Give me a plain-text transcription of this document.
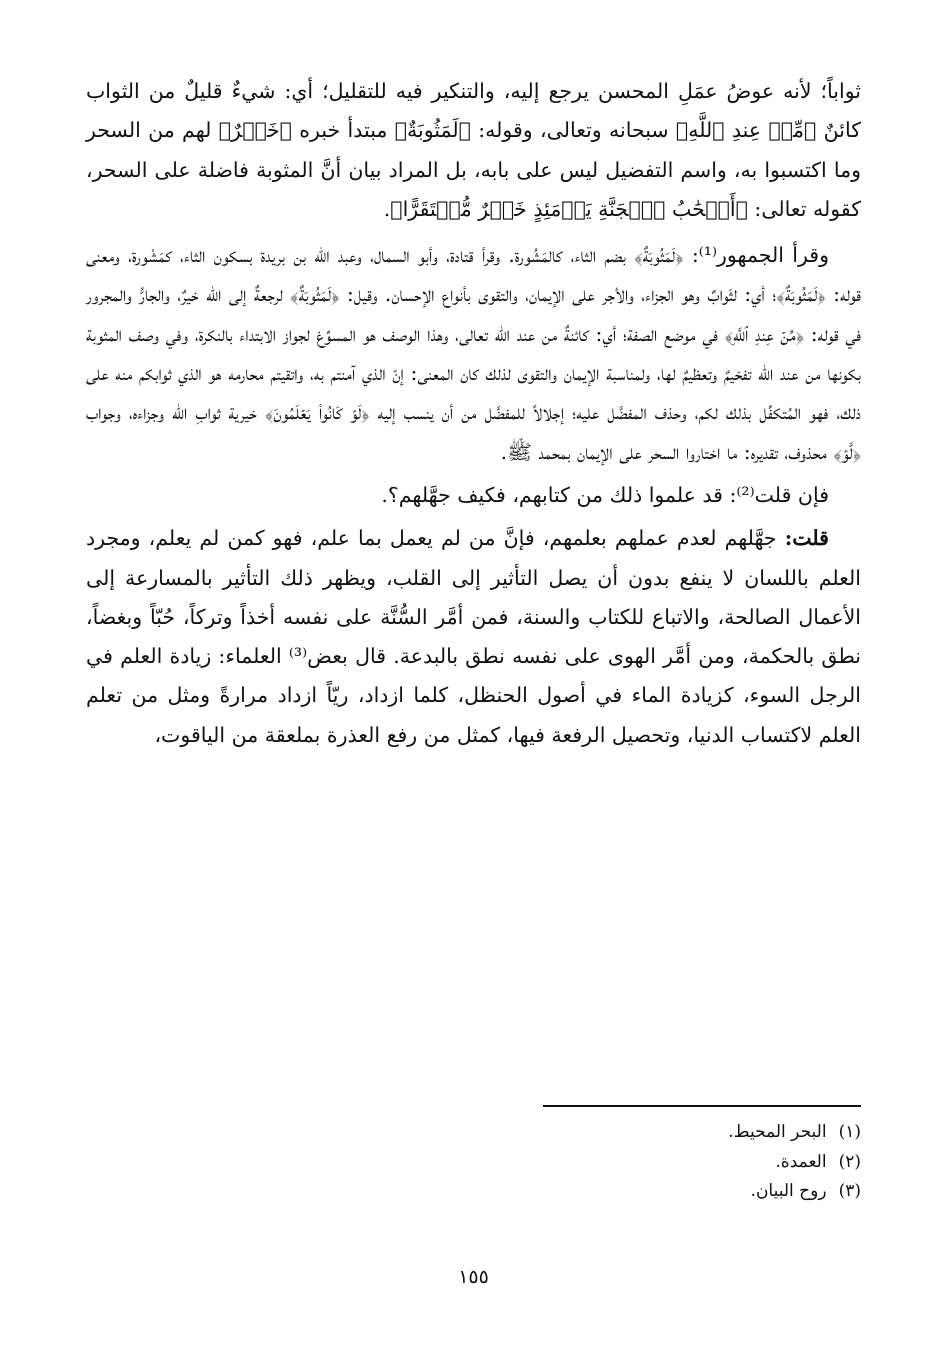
ثواباً؛ لأنه عوضُ عمَلِ المحسن يرجع إليه، والتنكير فيه للتقليل؛ أي: شيءٌ قليلٌ من الثواب كائنٌ ﴿مِّنۡ عِندِ ٱللَّهِ﴾ سبحانه وتعالى، وقوله: ﴿لَمَثُوبَةٌ﴾ مبتدأ خبره ﴿خَيۡرٌ﴾ لهم من السحر وما اكتسبوا به، واسم التفضيل ليس على بابه، بل المراد بيان أنَّ المثوبة فاضلة على السحر، كقوله تعالى: ﴿أَصۡحَٰبُ ٱلۡجَنَّةِ يَوۡمَئِذٍ خَيۡرٌ مُّسۡتَقَرًّا﴾.

وقرأ الجمهور⁽¹⁾: ﴿لَمَثُوبَةٌ﴾ بضم الثاء، كالمَشُورة. وقرأ قتادة، وأبو السمال، وعبد الله بن بريدة بسكون الثاء، كمَشْورة، ومعنى قوله: ﴿لَمَثُوبَةٌ﴾؛ أي: لثَوابٌ وهو الجزاء، والأجر على الإيمان، والتقوى بأنواع الإحسان. وقيل: ﴿لَمَثُوبَةٌ﴾ لرجعةٌ إلى الله خيرٌ، والجارُّ والمجرور في قوله: ﴿مِّنۡ عِندِ ٱللَّهِ﴾ في موضع الصفة؛ أي: كائنةٌ من عند الله تعالى، وهذا الوصف هو المسوِّغ لجواز الابتداء بالنكرة، وفي وصف المثوبة بكونها من عند الله تفخيمٌ وتعظيمٌ لها، ولمناسبة الإيمان والتقوى لذلك كان المعنى: إنّ الذي آمنتم به، واتقيتم محارمه هو الذي ثوابكم منه على ذلك، فهو المُتكفِّل بذلك لكم، وحذف المفضَّل عليه؛ إجلالاً للمفضَّل من أن ينسب إليه ﴿لَوۡ كَانُواْ يَعۡلَمُونَ﴾ خيرية ثوابِ الله وجزاءه، وجواب ﴿لَّوۡ﴾ محذوف، تقديره: ما اختاروا السحر على الإيمان بمحمد ﷺ.

فإن قلت⁽²⁾: قد علموا ذلك من كتابهم، فكيف جهَّلهم؟.

قلت: جهَّلهم لعدم عملهم بعلمهم، فإنَّ من لم يعمل بما علم، فهو كمن لم يعلم، ومجرد العلم باللسان لا ينفع بدون أن يصل التأثير إلى القلب، ويظهر ذلك التأثير بالمسارعة إلى الأعمال الصالحة، والاتباع للكتاب والسنة، فمن أمَّر السُّنَّة على نفسه أخذاً وتركاً، حُبّاً وبغضاً، نطق بالحكمة، ومن أمَّر الهوى على نفسه نطق بالبدعة. قال بعض⁽³⁾ العلماء: زيادة العلم في الرجل السوء، كزيادة الماء في أصول الحنظل، كلما ازداد، ريّاً ازداد مرارةً ومثل من تعلم العلم لاكتساب الدنيا، وتحصيل الرفعة فيها، كمثل من رفع العذرة بملعقة من الياقوت،

(١)البحر المحيط.
(٢)العمدة.
(٣)روح البيان.
١٥٥
